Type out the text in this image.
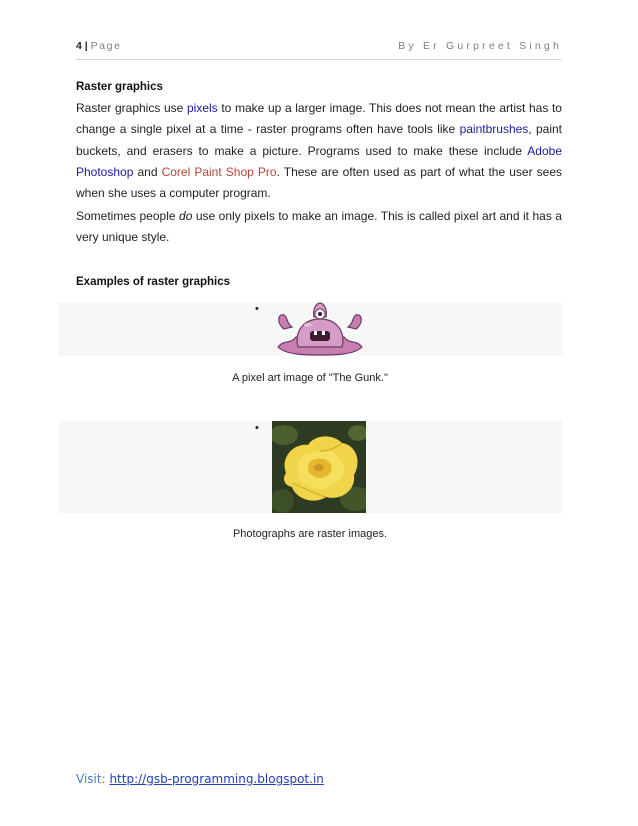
4 | Page	By Er Gurpreet Singh
Raster graphics
Raster graphics use pixels to make up a larger image. This does not mean the artist has to change a single pixel at a time - raster programs often have tools like paintbrushes, paint buckets, and erasers to make a picture. Programs used to make these include Adobe Photoshop and Corel Paint Shop Pro. These are often used as part of what the user sees when she uses a computer program.
Sometimes people do use only pixels to make an image. This is called pixel art and it has a very unique style.
Examples of raster graphics
•
A pixel art image of "The Gunk."
•
Photographs are raster images.
Visit: http://gsb-programming.blogspot.in
